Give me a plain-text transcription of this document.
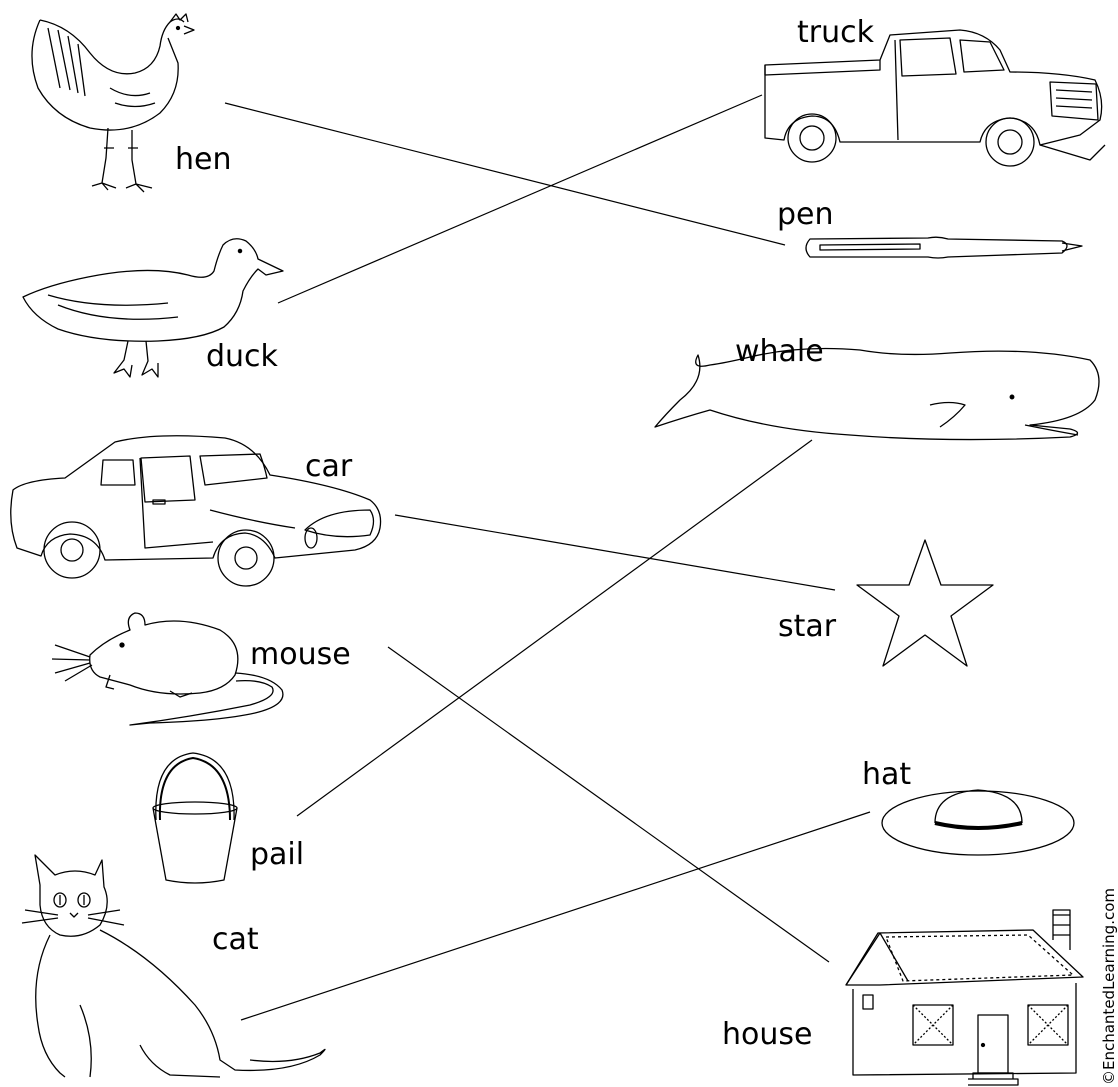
hen
duck
car
mouse
pail
cat
truck
pen
whale
star
hat
house	©EnchantedLearning.com
